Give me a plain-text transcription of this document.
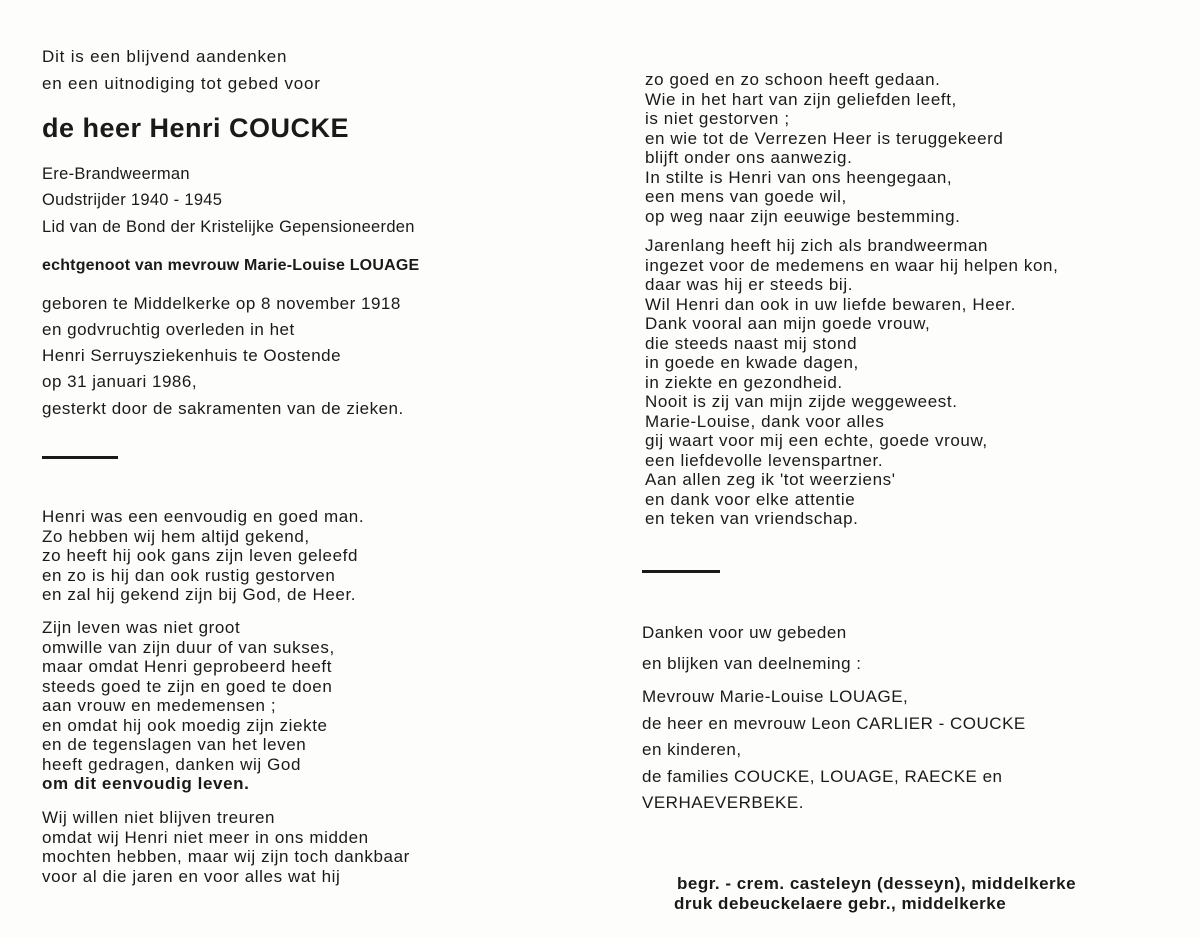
Dit is een blijvend aandenken
en een uitnodiging tot gebed voor
de heer Henri COUCKE
Ere-Brandweerman
Oudstrijder 1940 - 1945
Lid van de Bond der Kristelijke Gepensioneerden
echtgenoot van mevrouw Marie-Louise LOUAGE
geboren te Middelkerke op 8 november 1918
en godvruchtig overleden in het
Henri Serruysziekenhuis te Oostende
op 31 januari 1986,
gesterkt door de sakramenten van de zieken.
Henri was een eenvoudig en goed man.
Zo hebben wij hem altijd gekend,
zo heeft hij ook gans zijn leven geleefd
en zo is hij dan ook rustig gestorven
en zal hij gekend zijn bij God, de Heer.
Zijn leven was niet groot
omwille van zijn duur of van sukses,
maar omdat Henri geprobeerd heeft
steeds goed te zijn en goed te doen
aan vrouw en medemensen ;
en omdat hij ook moedig zijn ziekte
en de tegenslagen van het leven
heeft gedragen, danken wij God
om dit eenvoudig leven.
Wij willen niet blijven treuren
omdat wij Henri niet meer in ons midden
mochten hebben, maar wij zijn toch dankbaar
voor al die jaren en voor alles wat hij
zo goed en zo schoon heeft gedaan.
Wie in het hart van zijn geliefden leeft,
is niet gestorven ;
en wie tot de Verrezen Heer is teruggekeerd
blijft onder ons aanwezig.
In stilte is Henri van ons heengegaan,
een mens van goede wil,
op weg naar zijn eeuwige bestemming.
Jarenlang heeft hij zich als brandweerman
ingezet voor de medemens en waar hij helpen kon,
daar was hij er steeds bij.
Wil Henri dan ook in uw liefde bewaren, Heer.
Dank vooral aan mijn goede vrouw,
die steeds naast mij stond
in goede en kwade dagen,
in ziekte en gezondheid.
Nooit is zij van mijn zijde weggeweest.
Marie-Louise, dank voor alles
gij waart voor mij een echte, goede vrouw,
een liefdevolle levenspartner.
Aan allen zeg ik 'tot weerziens'
en dank voor elke attentie
en teken van vriendschap.
Danken voor uw gebeden
en blijken van deelneming :
Mevrouw Marie-Louise LOUAGE,
de heer en mevrouw Leon CARLIER - COUCKE
en kinderen,
de families COUCKE, LOUAGE, RAECKE en
VERHAEVERBEKE.
begr. - crem. casteleyn (desseyn), middelkerke
druk debeuckelaere gebr., middelkerke
